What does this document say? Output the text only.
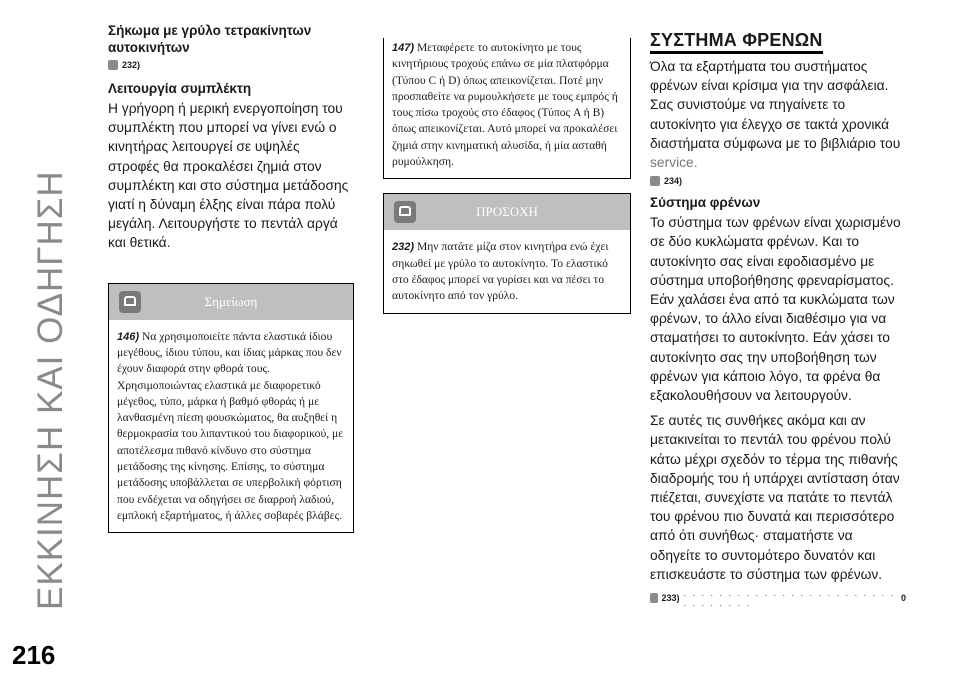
ΕΚΚΙΝΗΣΗ ΚΑΙ ΟΔΗΓΗΣΗ
216
Σήκωμα με γρύλο τετρακίνητων αυτοκινήτων
232)
Λειτουργία συμπλέκτη

Η γρήγορη ή μερική ενεργοποίηση του συμπλέκτη που μπορεί να γίνει ενώ ο κινητήρας λειτουργεί σε υψηλές στροφές θα προκαλέσει ζημιά στον συμπλέκτη και στο σύστημα μετάδοσης γιατί η δύναμη έλξης είναι πάρα πολύ μεγάλη. Λειτουργήστε το πεντάλ αργά και θετικά.

Σημείωση
146) Να χρησιμοποιείτε πάντα ελαστικά ίδιου μεγέθους, ίδιου τύπου, και ίδιας μάρκας που δεν έχουν διαφορά στην φθορά τους. Χρησιμοποιώντας ελαστικά με διαφορετικό μέγεθος, τύπο, μάρκα ή βαθμό φθοράς ή με λανθασμένη πίεση φουσκώματος, θα αυξηθεί η θερμοκρασία του λιπαντικού του διαφορικού, με αποτέλεσμα πιθανό κίνδυνο στο σύστημα μετάδοσης της κίνησης. Επίσης, το σύστημα μετάδοσης υποβάλλεται σε υπερβολική φόρτιση που ενδέχεται να οδηγήσει σε διαρροή λαδιού, εμπλοκή εξαρτήματος, ή άλλες σοβαρές βλάβες.
147) Μεταφέρετε το αυτοκίνητο με τους κινητήριους τροχούς επάνω σε μία πλατφόρμα (Τύπου C ή D) όπως απεικονίζεται. Ποτέ μην προσπαθείτε να ρυμουλκήσετε με τους εμπρός ή τους πίσω τροχούς στο έδαφος (Τύπος A ή B) όπως απεικονίζεται. Αυτό μπορεί να προκαλέσει ζημιά στην κινηματική αλυσίδα, ή μία ασταθή ρυμούλκηση.
ΠΡΟΣΟΧΗ
232) Μην πατάτε μίζα στον κινητήρα ενώ έχει σηκωθεί με γρύλο το αυτοκίνητο. Το ελαστικό στο έδαφος μπορεί να γυρίσει και να πέσει το αυτοκίνητο από τον γρύλο.
ΣΥΣΤΗΜΑ ΦΡΕΝΩΝ

Όλα τα εξαρτήματα του συστήματος φρένων είναι κρίσιμα για την ασφάλεια. Σας συνιστούμε να πηγαίνετε το αυτοκίνητο για έλεγχο σε τακτά χρονικά διαστήματα σύμφωνα με το βιβλιάριο του service.

234)
Σύστημα φρένων

Το σύστημα των φρένων είναι χωρισμένο σε δύο κυκλώματα φρένων. Και το αυτοκίνητο σας είναι εφοδιασμένο με σύστημα υποβοήθησης φρεναρίσματος. Εάν χαλάσει ένα από τα κυκλώματα των φρένων, το άλλο είναι διαθέσιμο για να σταματήσει το αυτοκίνητο. Εάν χάσει το αυτοκίνητο σας την υποβοήθηση των φρένων για κάποιο λόγο, τα φρένα θα εξακολουθήσουν να λειτουργούν.

Σε αυτές τις συνθήκες ακόμα και αν μετακινείται το πεντάλ του φρένου πολύ κάτω μέχρι σχεδόν το τέρμα της πιθανής διαδρομής του ή υπάρχει αντίσταση όταν πιέζεται, συνεχίστε να πατάτε το πεντάλ του φρένου πιο δυνατά και περισσότερο από ότι συνήθως· σταματήστε να οδηγείτε το συντομότερο δυνατόν και επισκευάστε το σύστημα των φρένων.

233) . . . . . . . . . . . . . . . . . . . . . . . . . . . . . . . .	0
